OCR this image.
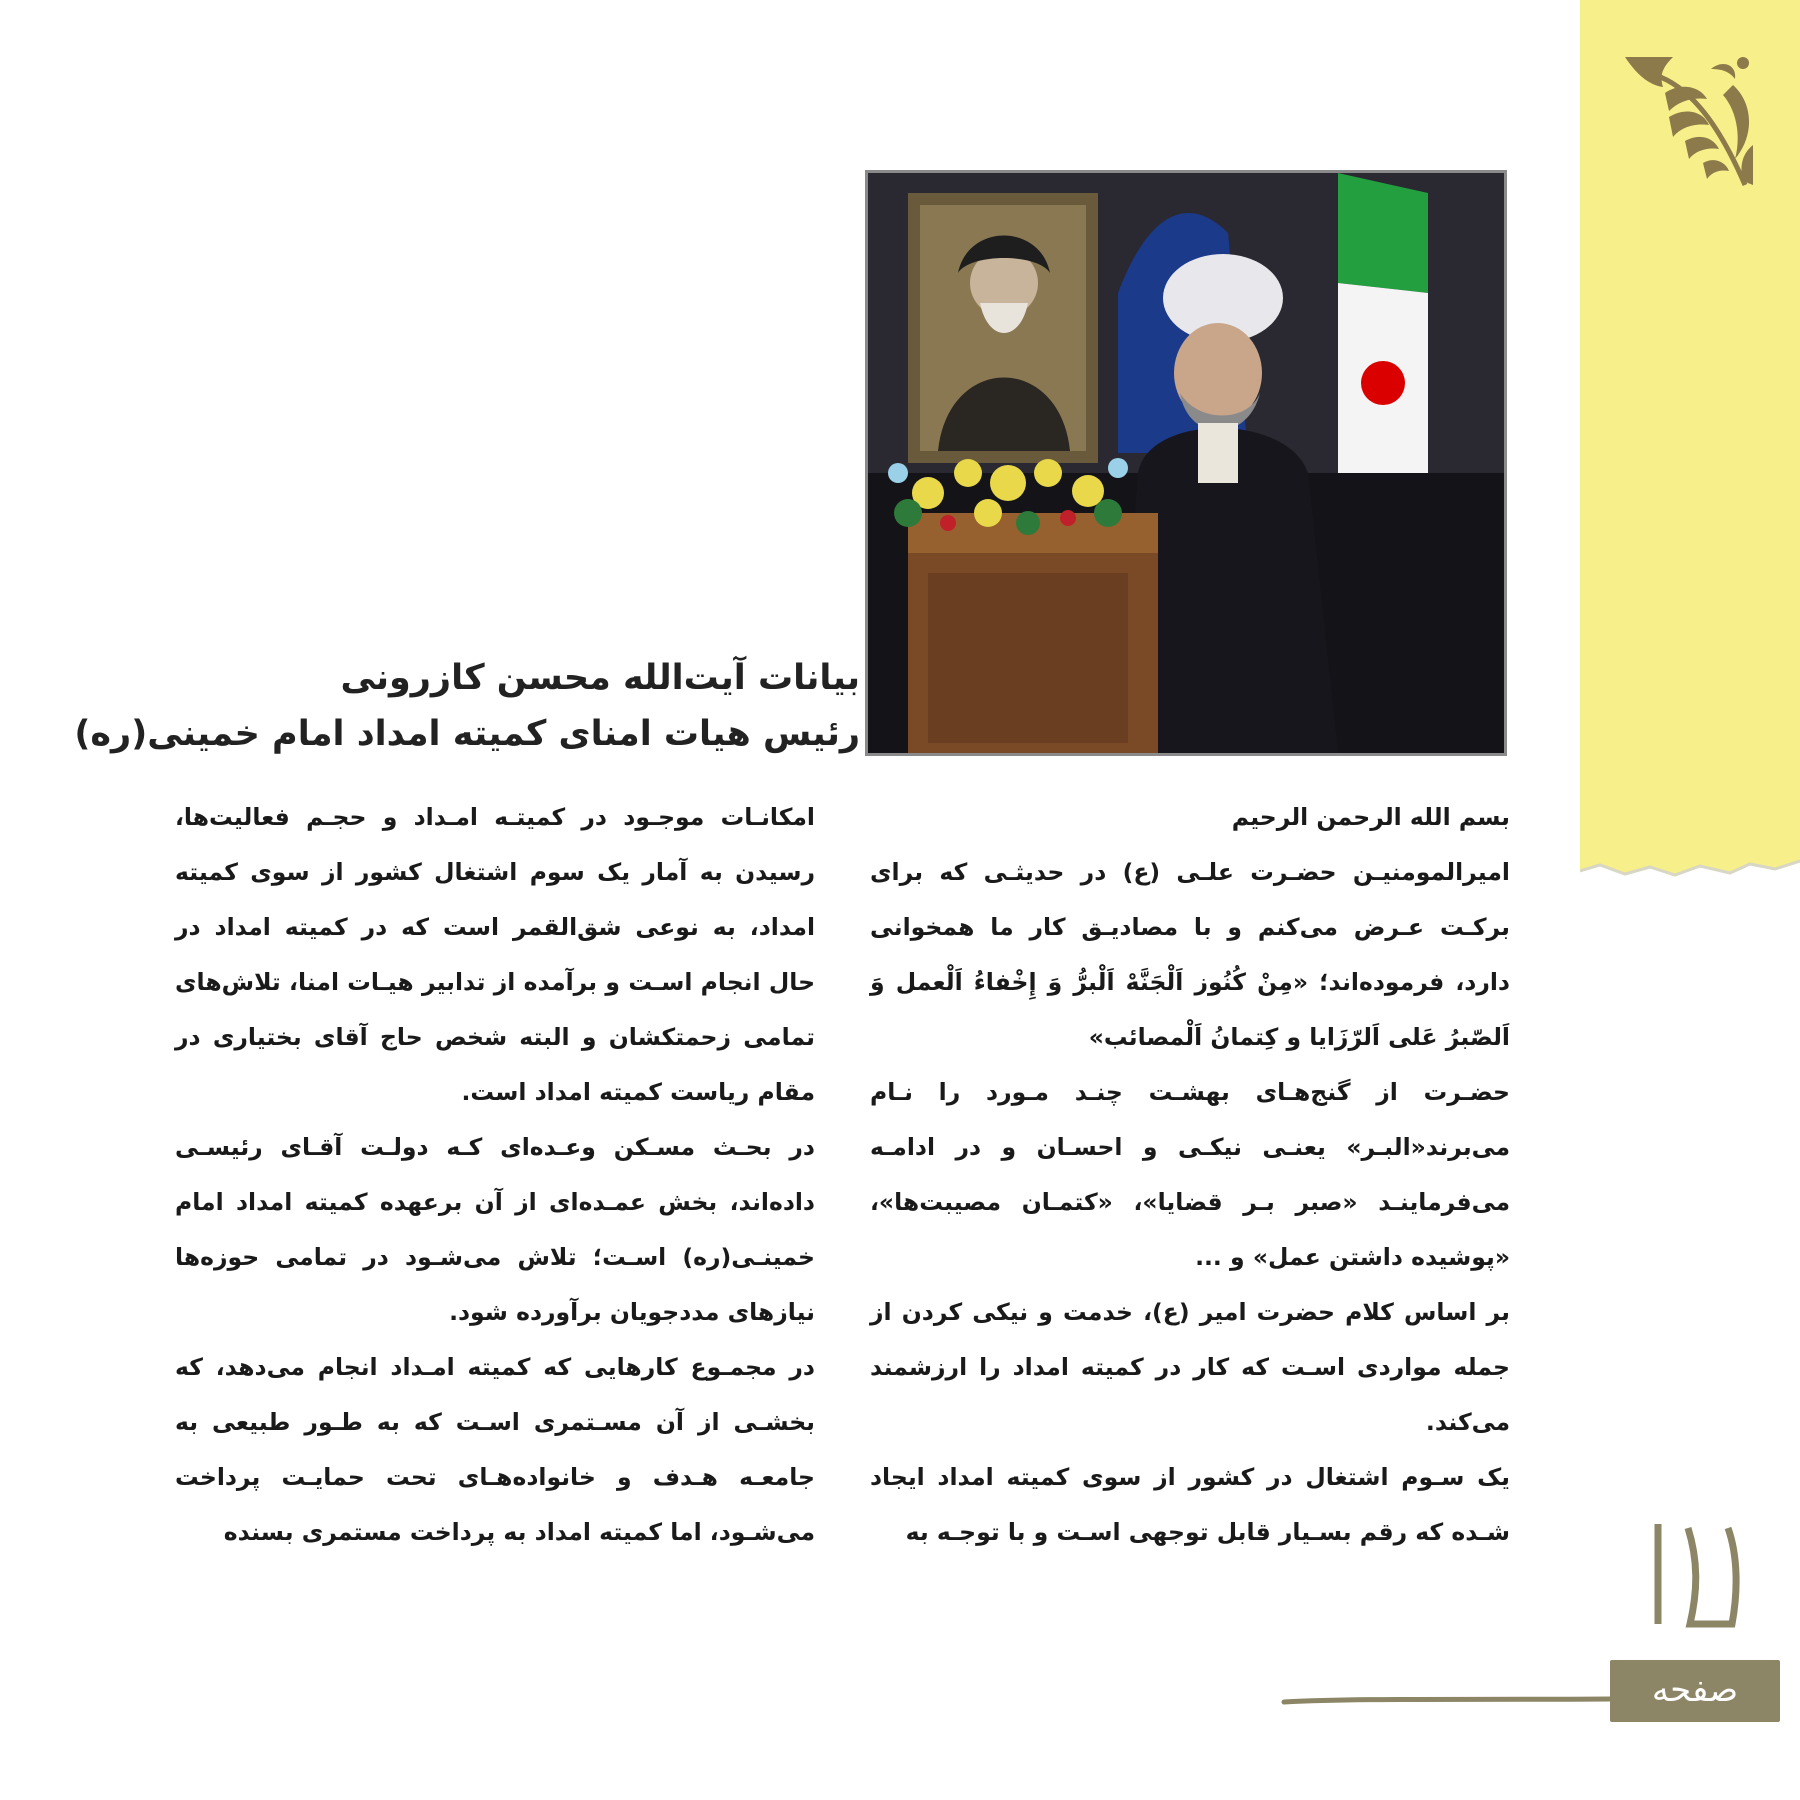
بیانات آیت‌الله محسن کازرونی
رئیس هیات امنای کمیته امداد امام خمینی(ره)

بسم الله الرحمن الرحیم

امیرالمومنیـن حضـرت علـی (ع) در حدیثـی که برای برکـت عـرض می‌کنم و با مصادیـق کار ما همخوانی دارد، فرموده‌اند؛ «مِنْ کُنُوز اَلْجَنَّهْ اَلْبرُّ وَ إِخْفاءُ اَلْعمل وَ اَلصّبرُ عَلی اَلرّزَایا و کِتمانُ اَلْمصائب»

حضـرت از گنج‌هـای بهشـت چنـد مـورد را نـام می‌برند«البـر» یعنـی نیکـی و احسـان و در ادامـه می‌فرماینـد «صبر بـر قضایا»، «کتمـان مصیبت‌ها»، «پوشیده داشتن عمل» و ...

بر اساس کلام حضرت امیر (ع)، خدمت و نیکی کردن از جمله مواردی اسـت که کار در کمیته امداد را ارزشمند می‌کند.

یک سـوم اشتغال در کشور از سوی کمیته امداد ایجاد شـده که رقم بسـیار قابل توجهی اسـت و با توجـه به

امکانـات موجـود در کمیتـه امـداد و حجـم فعالیت‌ها، رسیدن به آمار یک سوم اشتغال کشور از سوی کمیته امداد، به نوعی شق‌القمر است که در کمیته امداد در حال انجام اسـت و برآمده از تدابیر هیـات امنا، تلاش‌های تمامی زحمتکشان و البته شخص حاج آقای بختیاری در مقام ریاست کمیته امداد است.

در بحـث مسـکن وعـده‌ای کـه دولـت آقـای رئیسـی داده‌اند، بخش عمـده‌ای از آن برعهده کمیته امداد امام خمینـی(ره) اسـت؛ تلاش می‌شـود در تمامی حوزه‌ها نیازهای مددجویان برآورده شود.

در مجمـوع کارهایی که کمیته امـداد انجام می‌دهد، که بخشـی از آن مسـتمری اسـت که به طـور طبیعی به جامعـه هـدف و خانواده‌هـای تحت حمایـت پرداخت می‌شـود، اما کمیته امداد به پرداخت مستمری بسنده

صفحه
